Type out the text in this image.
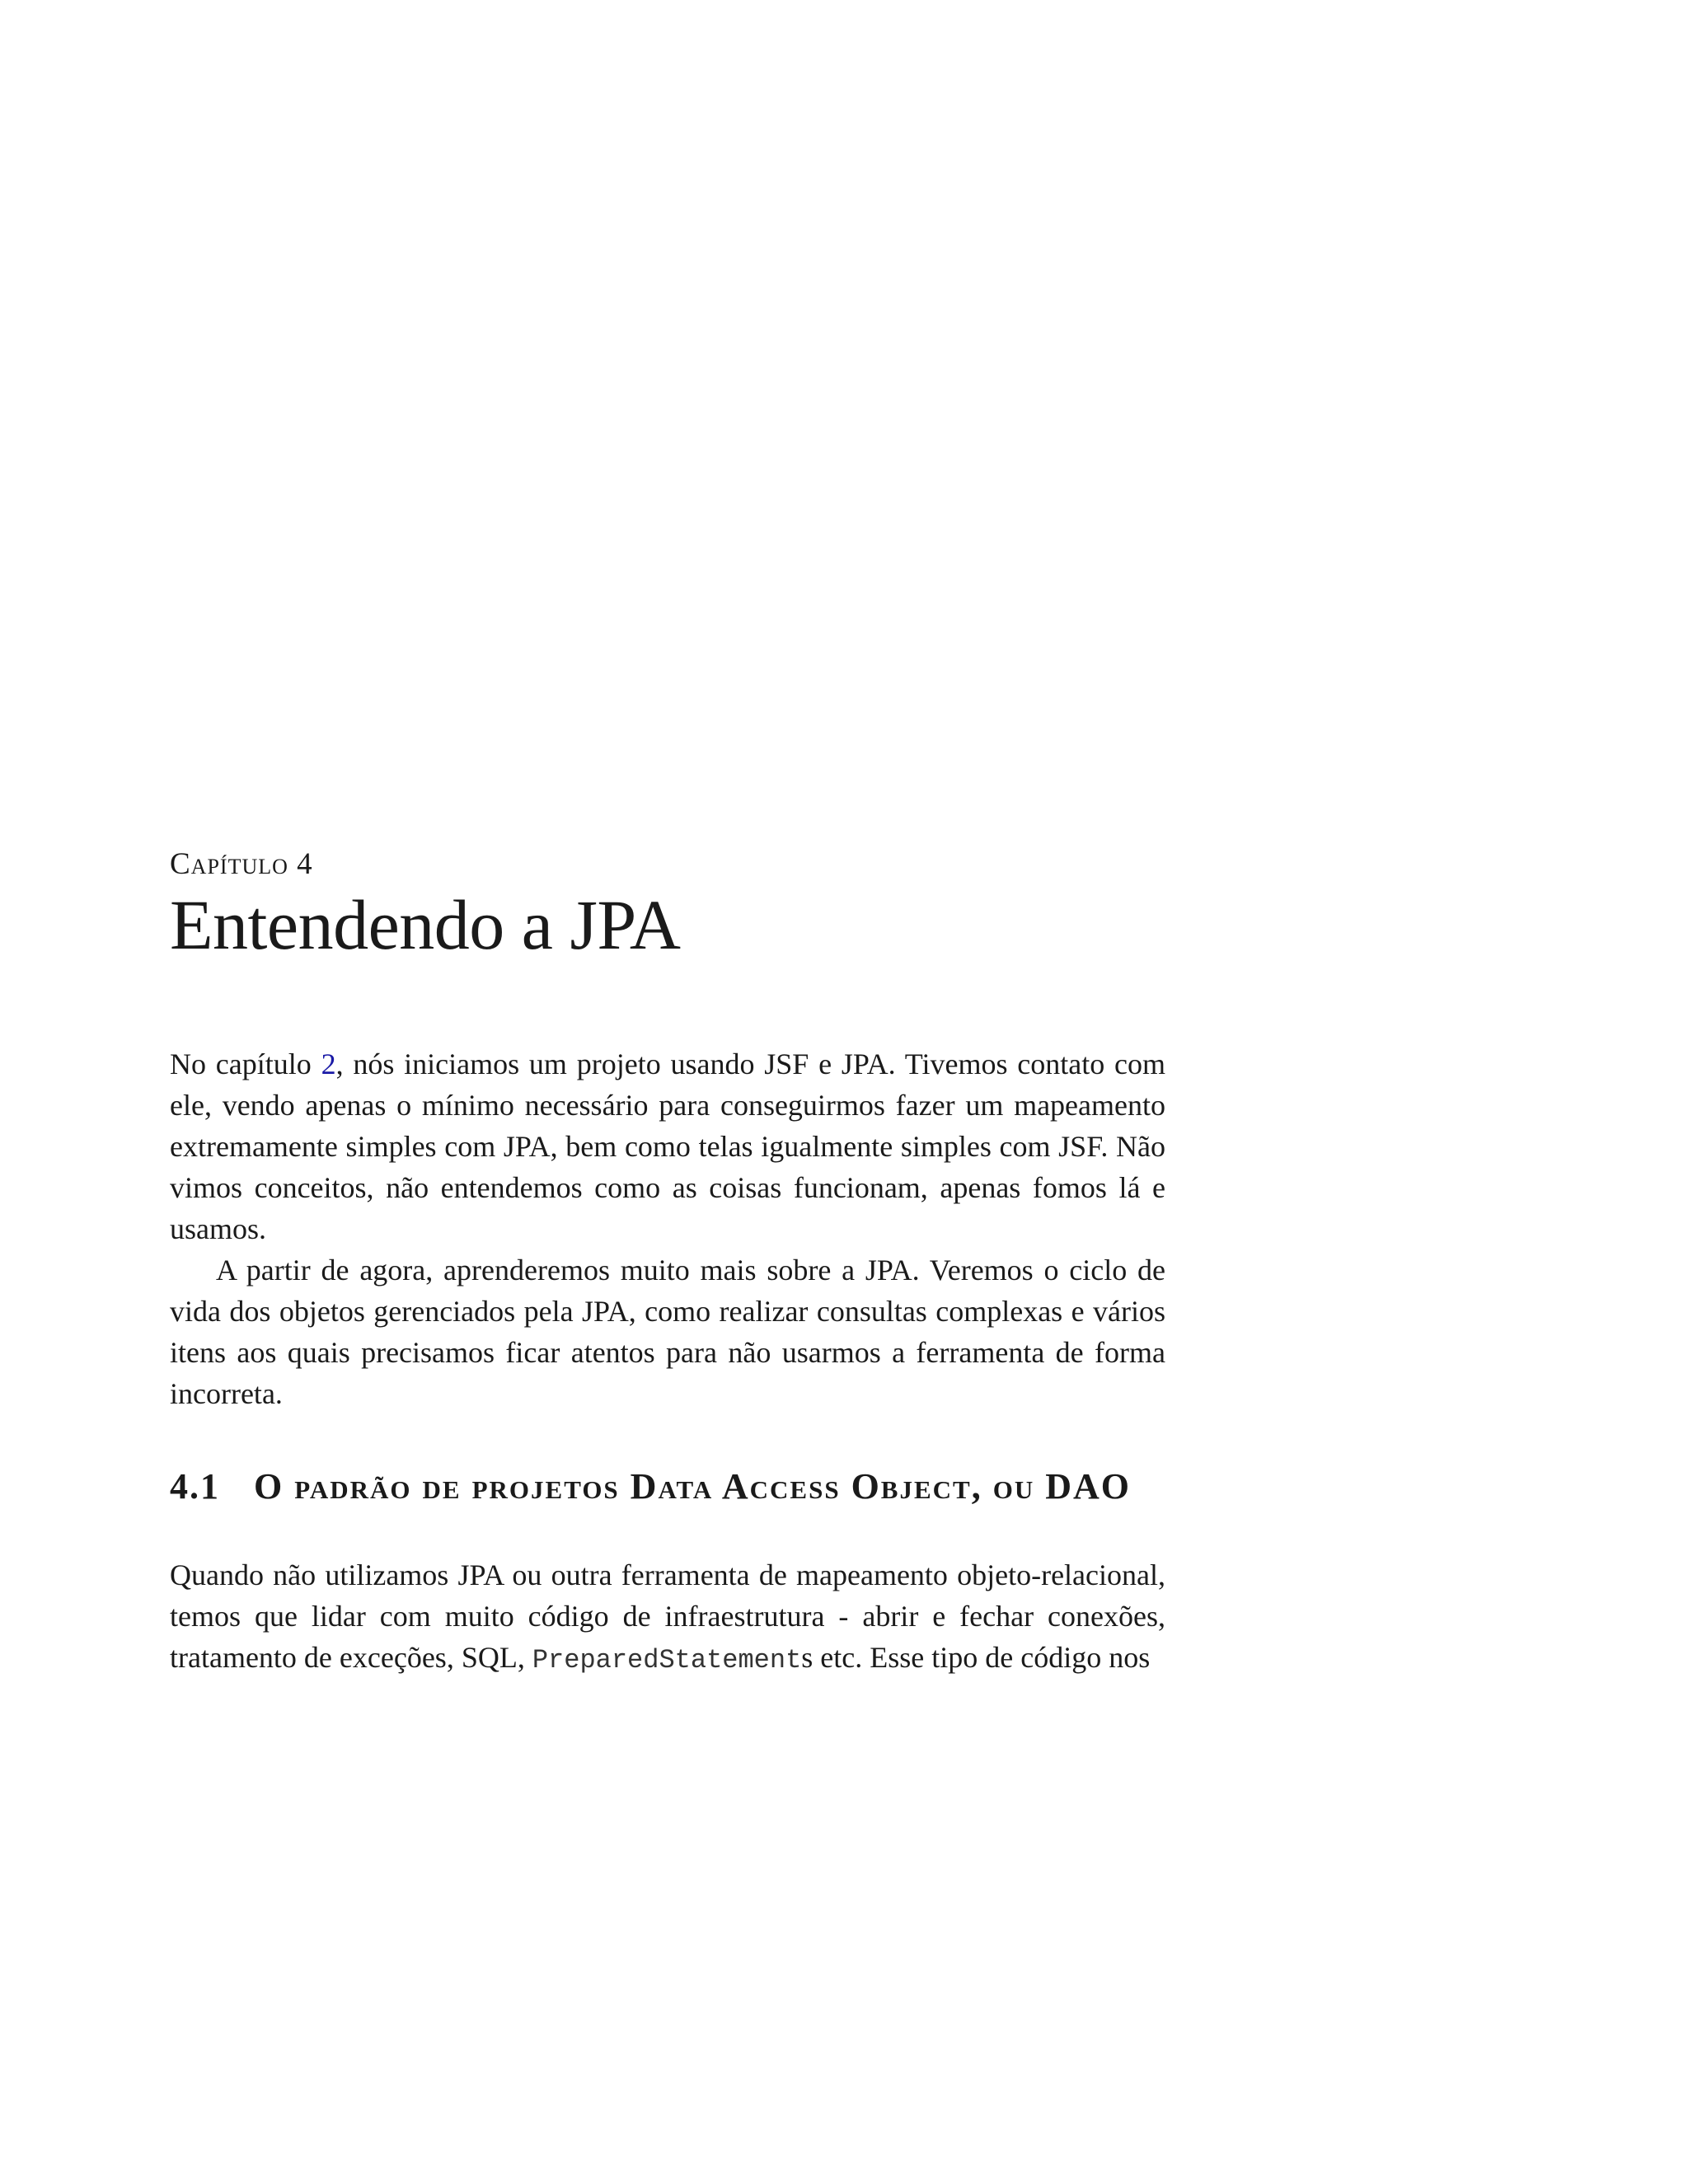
Capítulo 4
Entendendo a JPA

No capítulo 2, nós iniciamos um projeto usando JSF e JPA. Tivemos contato com ele, vendo apenas o mínimo necessário para conseguirmos fazer um mapeamento extremamente simples com JPA, bem como telas igualmente simples com JSF. Não vimos conceitos, não entendemos como as coisas funcionam, apenas fomos lá e usamos.

A partir de agora, aprenderemos muito mais sobre a JPA. Veremos o ciclo de vida dos objetos gerenciados pela JPA, como realizar consultas complexas e vários itens aos quais precisamos ficar atentos para não usarmos a ferramenta de forma incorreta.

4.1 O padrão de projetos Data Access Object, ou DAO

Quando não utilizamos JPA ou outra ferramenta de mapeamento objeto-relacional, temos que lidar com muito código de infraestrutura - abrir e fechar conexões, tratamento de exceções, SQL, PreparedStatements etc. Esse tipo de código nos
